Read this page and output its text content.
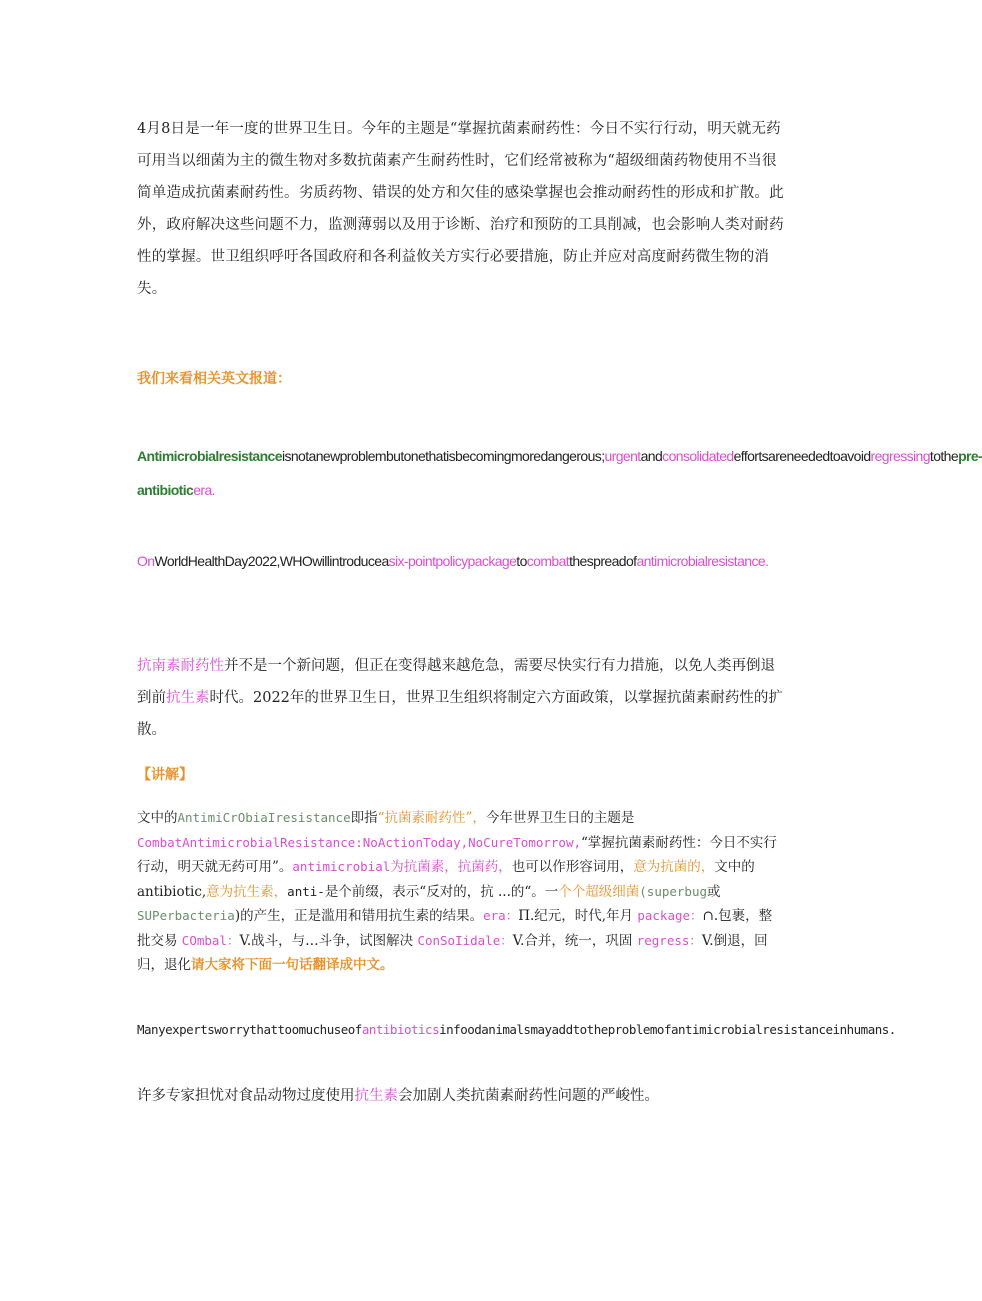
4月8日是一年一度的世界卫生日。今年的主题是“掌握抗菌素耐药性：今日不实行行动，明天就无药可用当以细菌为主的微生物对多数抗菌素产生耐药性时，它们经常被称为“超级细菌药物使用不当很简单造成抗菌素耐药性。劣质药物、错误的处方和欠佳的感染掌握也会推动耐药性的形成和扩散。此外，政府解决这些问题不力，监测薄弱以及用于诊断、治疗和预防的工具削减，也会影响人类对耐药性的掌握。世卫组织呼吁各国政府和各利益攸关方实行必要措施，防止并应对高度耐药微生物的消失。
我们来看相关英文报道：
Antimicrobialresistanceisnotanewproblembutonethatisbecomingmoredangerous;urgentandconsolidatedeffortsareneededtoavoidregressingtothepre-antibioticera.
OnWorldHealthDay2022,WHOwillintroduceasix-pointpolicypackagetocombatthespreadofantimicrobialresistance.
抗南素耐药性并不是一个新问题，但正在变得越来越危急，需要尽快实行有力措施，以免人类再倒退到前抗生素时代。2022年的世界卫生日，世界卫生组织将制定六方面政策，以掌握抗菌素耐药性的扩散。
【讲解】
文中的AntimiCrObiaIresistance即指“抗菌素耐药性”，今年世界卫生日的主题是CombatAntimicrobialResistance:NoActionToday,NoCureTomorrow,“掌握抗菌素耐药性：今日不实行行动，明天就无药可用”。antimicrobial为抗菌素，抗菌药，也可以作形容词用，意为抗菌的，文中的antibiotic,意为抗生素，anti-是个前缀，表示“反对的，抗 ...的“。一个个超级细菌(superbug或SUPerbacteria)的产生，正是滥用和错用抗生素的结果。era：П.纪元，时代,年月 package：∩.包裹，整批交易 COmbal：V.战斗，与…斗争，试图解决 ConSoIidale：V.合并，统一，巩固 regress：V.倒退，回归，退化请大家将下面一句话翻译成中文。
Manyexpertsworrythattoomuchuseofantibioticsinfoodanimalsmayaddtotheproblemofantimicrobialresistanceinhumans.
许多专家担忧对食品动物过度使用抗生素会加剧人类抗菌素耐药性问题的严峻性。
